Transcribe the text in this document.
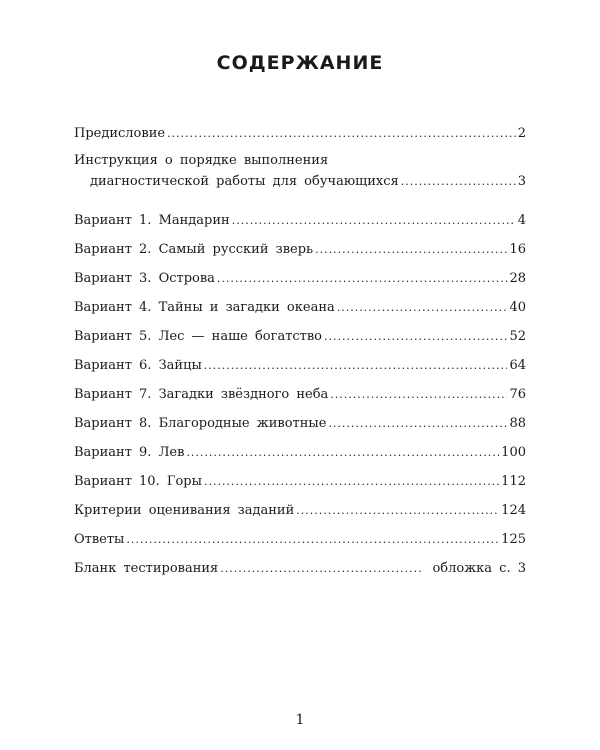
СОДЕРЖАНИЕ
Предисловие .....	2
Инструкция о порядке выполнения
диагностической работы для обучающихся .....	3
Вариант 1. Мандарин .....	4
Вариант 2. Самый русский зверь .....	16
Вариант 3. Острова .....	28
Вариант 4. Тайны и загадки океана .....	40
Вариант 5. Лес — наше богатство .....	52
Вариант 6. Зайцы .....	64
Вариант 7. Загадки звёздного неба .....	76
Вариант 8. Благородные животные .....	88
Вариант 9. Лев .....	100
Вариант 10. Горы .....	112
Критерии оценивания заданий .....	124
Ответы .....	125
Бланк тестирования .....	обложка с. 3
1
